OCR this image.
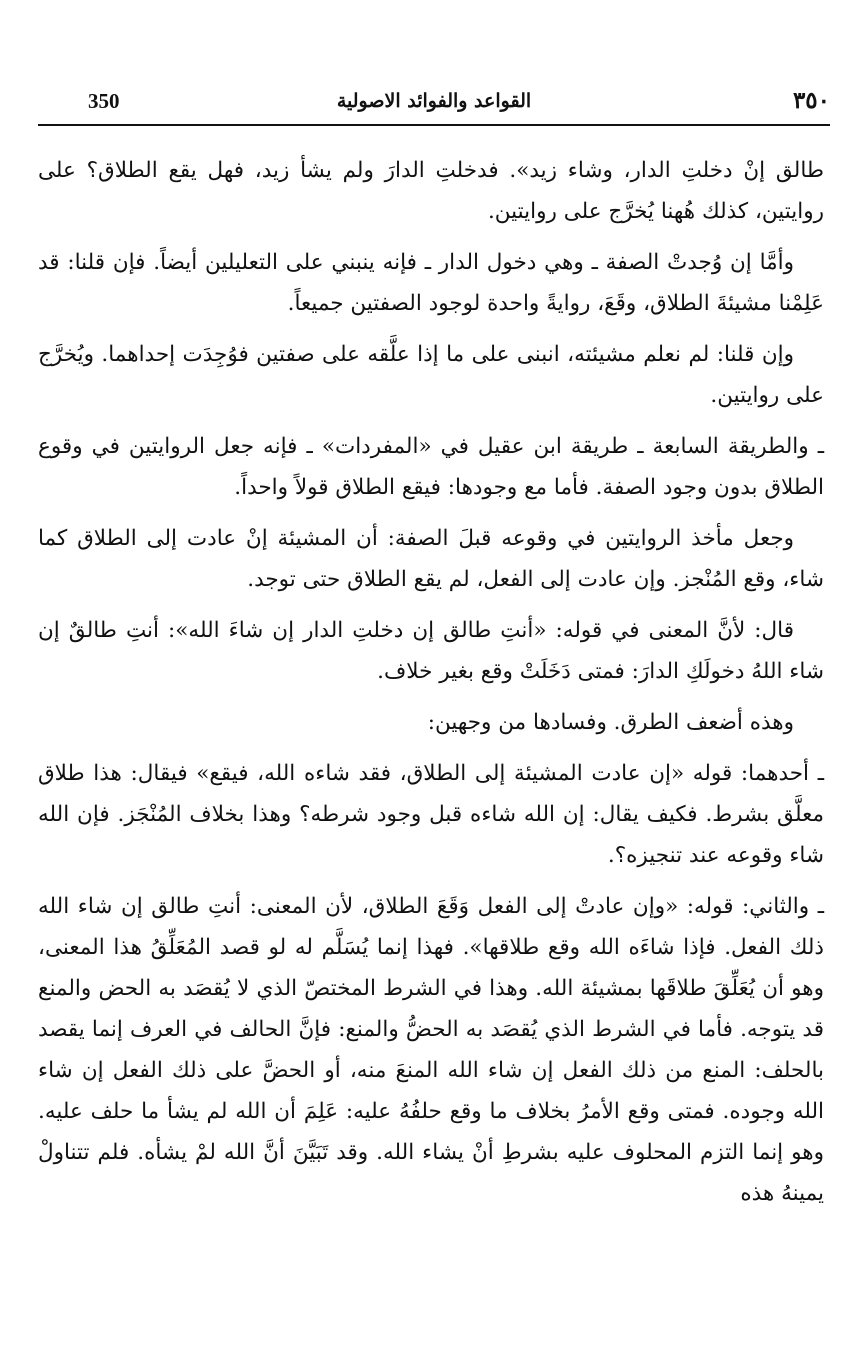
350	القواعد والفوائد الاصولية	٣٥٠

طالق إنْ دخلتِ الدار، وشاء زيد». فدخلتِ الدارَ ولم يشأ زيد، فهل يقع الطلاق؟ على روايتين، كذلك هُهنا يُخرَّج على روايتين.

وأمَّا إن وُجدتْ الصفة ـ وهي دخول الدار ـ فإنه ينبني على التعليلين أيضاً. فإن قلنا: قد عَلِمْنا مشيئةَ الطلاق، وقَعَ، روايةً واحدة لوجود الصفتين جميعاً.

وإن قلنا: لم نعلم مشيئته، انبنى على ما إذا علَّقه على صفتين فوُجِدَت إحداهما. ويُخرَّج على روايتين.

ـ والطريقة السابعة ـ طريقة ابن عقيل في «المفردات» ـ فإنه جعل الروايتين في وقوع الطلاق بدون وجود الصفة. فأما مع وجودها: فيقع الطلاق قولاً واحداً.

وجعل مأخذ الروايتين في وقوعه قبلَ الصفة: أن المشيئة إنْ عادت إلى الطلاق كما شاء، وقع المُنْجز. وإن عادت إلى الفعل، لم يقع الطلاق حتى توجد.

قال: لأنَّ المعنى في قوله: «أنتِ طالق إن دخلتِ الدار إن شاءَ الله»: أنتِ طالقٌ إن شاء اللهُ دخولَكِ الدارَ: فمتى دَخَلَتْ وقع بغير خلاف.

وهذه أضعف الطرق. وفسادها من وجهين:

ـ أحدهما: قوله «إن عادت المشيئة إلى الطلاق، فقد شاءه الله، فيقع» فيقال: هذا طلاق معلَّق بشرط. فكيف يقال: إن الله شاءه قبل وجود شرطه؟ وهذا بخلاف المُنْجَز. فإن الله شاء وقوعه عند تنجيزه؟.

ـ والثاني: قوله: «وإن عادتْ إلى الفعل وَقَعَ الطلاق، لأن المعنى: أنتِ طالق إن شاء الله ذلك الفعل. فإذا شاءَه الله وقع طلاقها». فهذا إنما يُسَلَّم له لو قصد المُعَلِّقُ هذا المعنى، وهو أن يُعَلِّقَ طلاقَها بمشيئة الله. وهذا في الشرط المختصّ الذي لا يُقصَد به الحض والمنع قد يتوجه. فأما في الشرط الذي يُقصَد به الحضُّ والمنع: فإنَّ الحالف في العرف إنما يقصد بالحلف: المنع من ذلك الفعل إن شاء الله المنعَ منه، أو الحضَّ على ذلك الفعل إن شاء الله وجوده. فمتى وقع الأمرُ بخلاف ما وقع حلفُهُ عليه: عَلِمَ أن الله لم يشأ ما حلف عليه. وهو إنما التزم المحلوف عليه بشرطِ أنْ يشاء الله. وقد تَبَيَّنَ أنَّ الله لمْ يشأه. فلم تتناولْ يمينهُ هذه
